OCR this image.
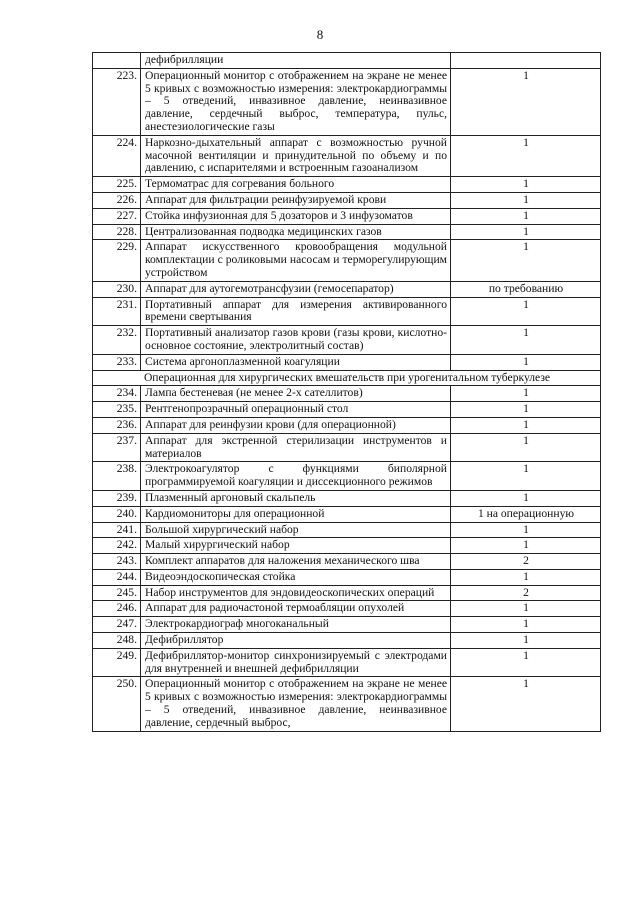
8
	дефибрилляции	
223.	Операционный монитор с отображением на экране не менее 5 кривых с возможностью измерения: электрокардиограммы – 5 отведений, инвазивное давление, неинвазивное давление, сердечный выброс, температура, пульс, анестезиологические газы	1
224.	Наркозно-дыхательный аппарат с возможностью ручной масочной вентиляции и принудительной по объему и по давлению, с испарителями и встроенным газоанализом	1
225.	Термоматрас для согревания больного	1
226.	Аппарат для фильтрации реинфузируемой крови	1
227.	Стойка инфузионная для 5 дозаторов и 3 инфузоматов	1
228.	Централизованная подводка медицинских газов	1
229.	Аппарат искусственного кровообращения модульной комплектации с роликовыми насосам и терморегулирующим устройством	1
230.	Аппарат для аутогемотрансфузии (гемосепаратор)	по требованию
231.	Портативный аппарат для измерения активированного времени свертывания	1
232.	Портативный анализатор газов крови (газы крови, кислотно-основное состояние, электролитный состав)	1
233.	Система аргоноплазменной коагуляции	1
Операционная для хирургических вмешательств при урогенитальном туберкулезе		
234.	Лампа бестеневая (не менее 2-х сателлитов)	1
235.	Рентгенопрозрачный операционный стол	1
236.	Аппарат для реинфузии крови (для операционной)	1
237.	Аппарат для экстренной стерилизации инструментов и материалов	1
238.	Электрокоагулятор с функциями биполярной программируемой коагуляции и диссекционного режимов	1
239.	Плазменный аргоновый скальпель	1
240.	Кардиомониторы для операционной	1 на операционную
241.	Большой хирургический набор	1
242.	Малый хирургический набор	1
243.	Комплект аппаратов для наложения механического шва	2
244.	Видеоэндоскопическая стойка	1
245.	Набор инструментов для эндовидеоскопических операций	2
246.	Аппарат для радиочастоной термоабляции опухолей	1
247.	Электрокардиограф многоканальный	1
248.	Дефибриллятор	1
249.	Дефибриллятор-монитор синхронизируемый с электродами для внутренней и внешней дефибрилляции	1
250.	Операционный монитор с отображением на экране не менее 5 кривых с возможностью измерения: электрокардиограммы – 5 отведений, инвазивное давление, неинвазивное давление, сердечный выброс,	1
